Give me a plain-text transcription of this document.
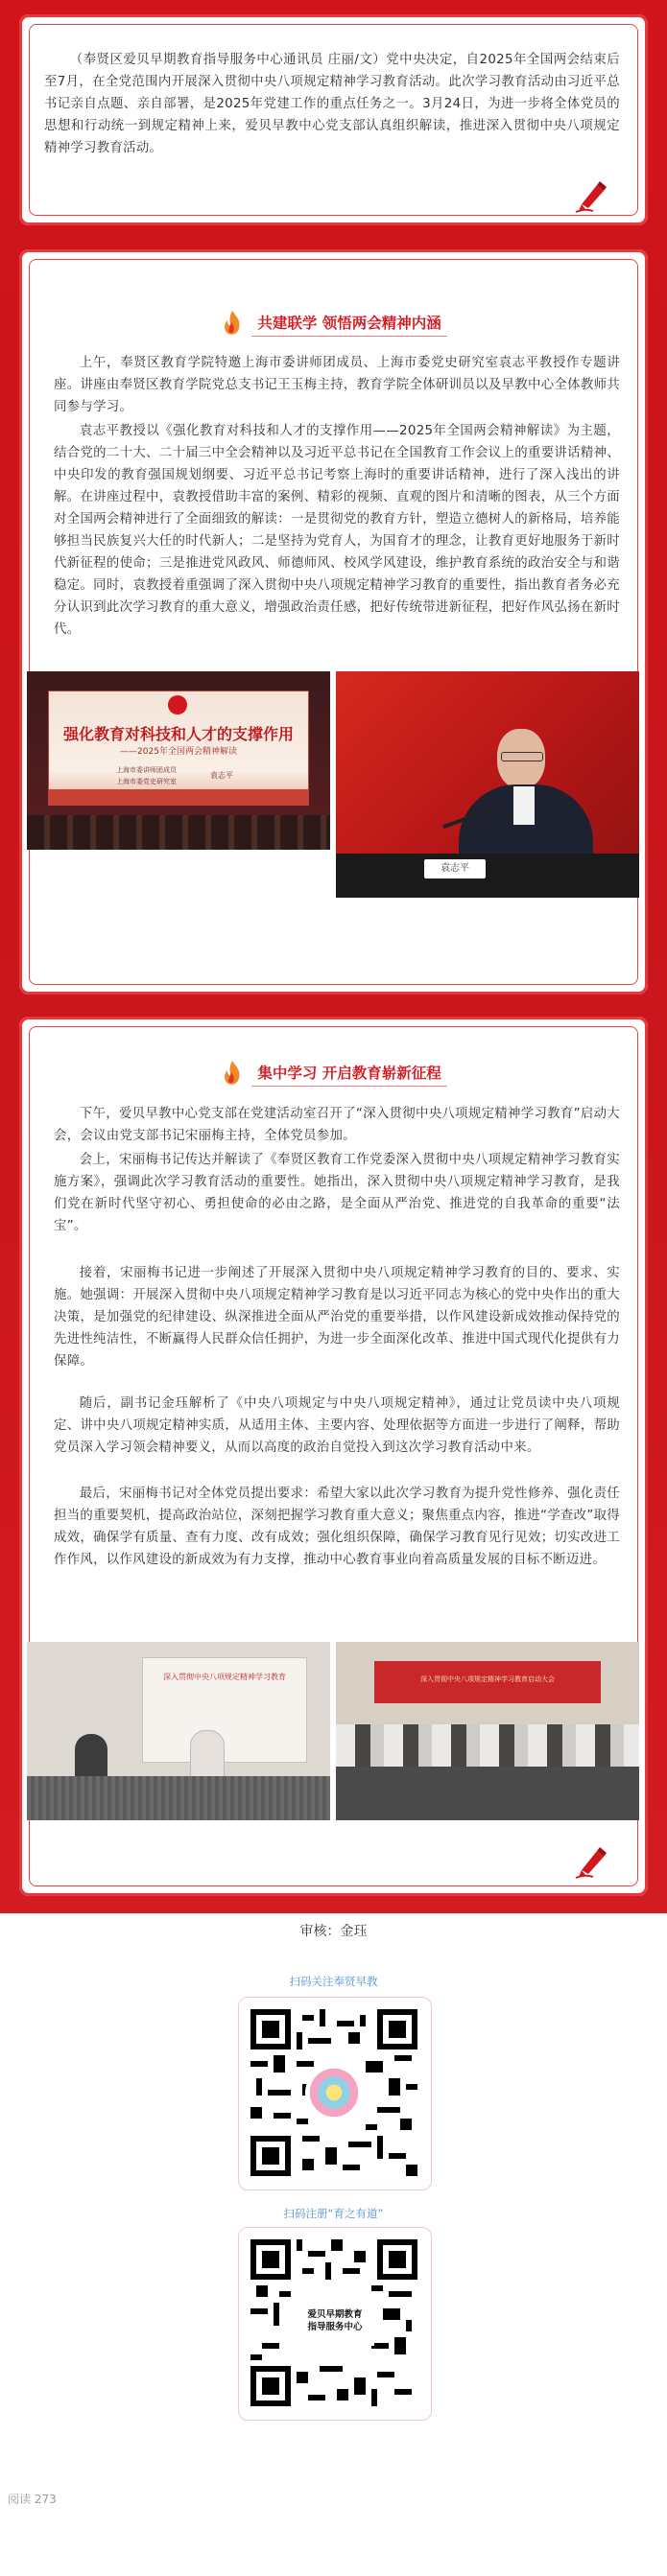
（奉贤区爱贝早期教育指导服务中心通讯员 庄丽/文）党中央决定，自2025年全国两会结束后至7月，在全党范围内开展深入贯彻中央八项规定精神学习教育活动。此次学习教育活动由习近平总书记亲自点题、亲自部署，是2025年党建工作的重点任务之一。3月24日，为进一步将全体党员的思想和行动统一到规定精神上来，爱贝早教中心党支部认真组织解读，推进深入贯彻中央八项规定精神学习教育活动。
共建联学 领悟两会精神内涵
上午，奉贤区教育学院特邀上海市委讲师团成员、上海市委党史研究室袁志平教授作专题讲座。讲座由奉贤区教育学院党总支书记王玉梅主持，教育学院全体研训员以及早教中心全体教师共同参与学习。
袁志平教授以《强化教育对科技和人才的支撑作用——2025年全国两会精神解读》为主题，结合党的二十大、二十届三中全会精神以及习近平总书记在全国教育工作会议上的重要讲话精神、中央印发的教育强国规划纲要、习近平总书记考察上海时的重要讲话精神，进行了深入浅出的讲解。在讲座过程中，袁教授借助丰富的案例、精彩的视频、直观的图片和清晰的图表，从三个方面对全国两会精神进行了全面细致的解读：一是贯彻党的教育方针，塑造立德树人的新格局，培养能够担当民族复兴大任的时代新人；二是坚持为党育人，为国育才的理念，让教育更好地服务于新时代新征程的使命；三是推进党风政风、师德师风、校风学风建设，维护教育系统的政治安全与和谐稳定。同时，袁教授着重强调了深入贯彻中央八项规定精神学习教育的重要性，指出教育者务必充分认识到此次学习教育的重大意义，增强政治责任感，把好传统带进新征程，把好作风弘扬在新时代。
强化教育对科技和人才的支撑作用
——2025年全国两会精神解读
上海市委讲师团成员
上海市委党史研究室
袁志平
袁志平
集中学习 开启教育崭新征程
下午，爱贝早教中心党支部在党建活动室召开了“深入贯彻中央八项规定精神学习教育”启动大会，会议由党支部书记宋丽梅主持，全体党员参加。
会上，宋丽梅书记传达并解读了《奉贤区教育工作党委深入贯彻中央八项规定精神学习教育实施方案》，强调此次学习教育活动的重要性。她指出，深入贯彻中央八项规定精神学习教育，是我们党在新时代坚守初心、勇担使命的必由之路，是全面从严治党、推进党的自我革命的重要“法宝”。
接着，宋丽梅书记进一步阐述了开展深入贯彻中央八项规定精神学习教育的目的、要求、实施。她强调：开展深入贯彻中央八项规定精神学习教育是以习近平同志为核心的党中央作出的重大决策，是加强党的纪律建设、纵深推进全面从严治党的重要举措，以作风建设新成效推动保持党的先进性纯洁性，不断赢得人民群众信任拥护，为进一步全面深化改革、推进中国式现代化提供有力保障。
随后，副书记金珏解析了《中央八项规定与中央八项规定精神》，通过让党员读中央八项规定、讲中央八项规定精神实质，从适用主体、主要内容、处理依据等方面进一步进行了阐释，帮助党员深入学习领会精神要义，从而以高度的政治自觉投入到这次学习教育活动中来。
最后，宋丽梅书记对全体党员提出要求：希望大家以此次学习教育为提升党性修养、强化责任担当的重要契机，提高政治站位，深刻把握学习教育重大意义；聚焦重点内容，推进“学查改”取得成效，确保学有质量、查有力度、改有成效；强化组织保障，确保学习教育见行见效；切实改进工作作风，以作风建设的新成效为有力支撑，推动中心教育事业向着高质量发展的目标不断迈进。
深入贯彻中央八项规定精神学习教育	深入贯彻中央八项规定精神学习教育启动大会
审核：金珏
扫码关注奉贤早教
扫码注册“育之有道”
爱贝早期教育
指导服务中心
阅读 273
